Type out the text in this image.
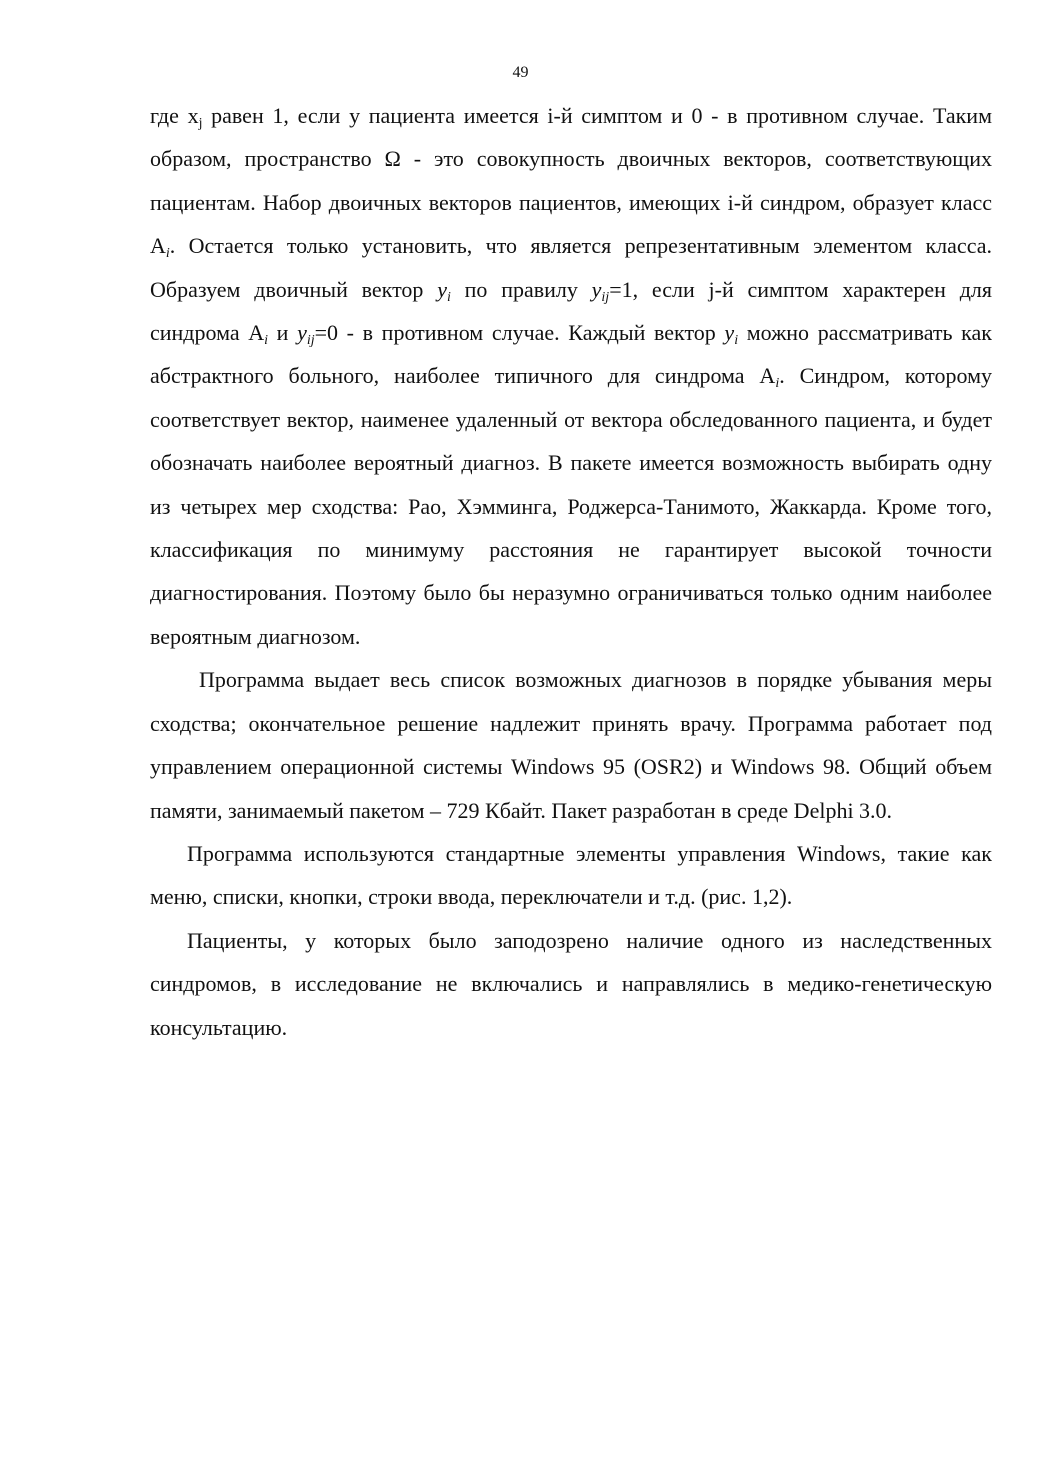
49

где $x_j$ равен 1, если у пациента имеется i-й симптом и 0 - в противном случае. Таким образом, пространство Ω - это совокупность двоичных векторов, соответствующих пациентам. Набор двоичных векторов пациентов, имеющих i-й синдром, образует класс $A_i$. Остается только установить, что является репрезентативным элементом класса. Образуем двоичный вектор $y_i$ по правилу $y_{ij}=1$, если j-й симптом характерен для синдрома $A_i$ и $y_{ij}=0 - в$ противном случае. Каждый вектор $y_i$ можно рассматривать как абстрактного больного, наиболее типичного для синдрома $A_i$. Синдром, которому соответствует вектор, наименее удаленный от вектора обследованного пациента, и будет обозначать наиболее вероятный диагноз. В пакете имеется возможность выбирать одну из четырех мер сходства: Рао, Хэмминга, Роджерса-Танимото, Жаккарда. Кроме того, классификация по минимуму расстояния не гарантирует высокой точности диагностирования. Поэтому было бы неразумно ограничиваться только одним наиболее вероятным диагнозом.

Программа выдает весь список возможных диагнозов в порядке убывания меры сходства; окончательное решение надлежит принять врачу. Программа работает под управлением операционной системы Windows 95 (OSR2) и Windows 98. Общий объем памяти, занимаемый пакетом – 729 Кбайт. Пакет разработан в среде Delphi 3.0.

Программа используются стандартные элементы управления Windows, такие как меню, списки, кнопки, строки ввода, переключатели и т.д. (рис. 1,2).

Пациенты, у которых было заподозрено наличие одного из наследственных синдромов, в исследование не включались и направлялись в медико-генетическую консультацию.
